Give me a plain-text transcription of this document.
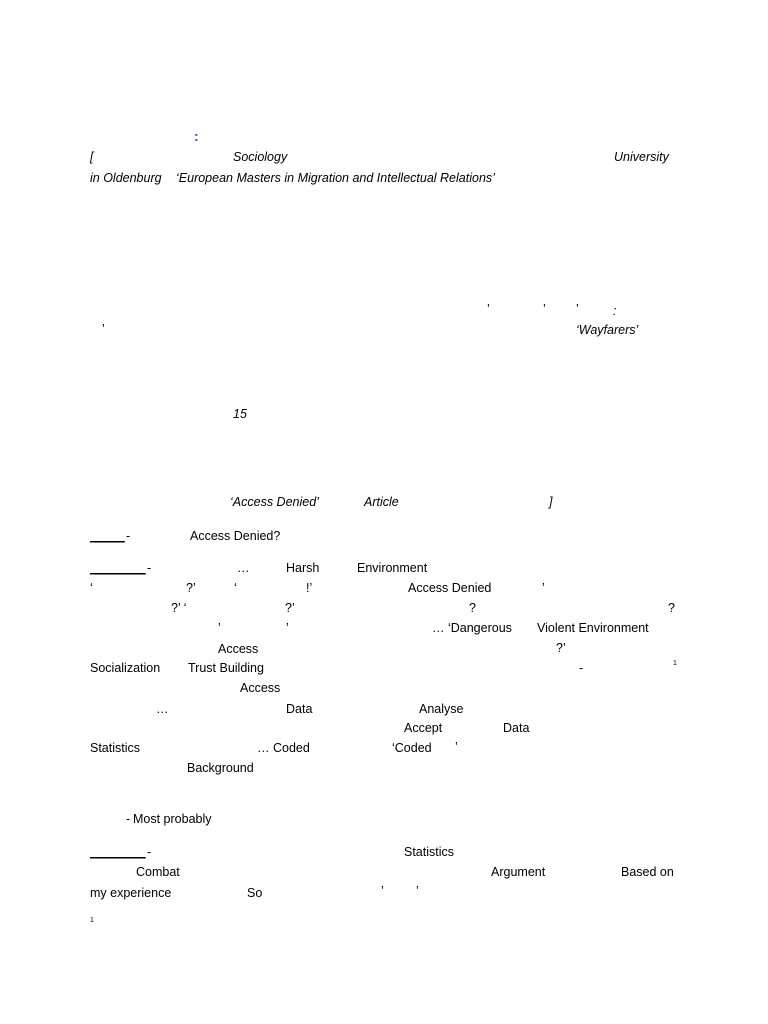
:
[	Sociology	University
in Oldenburg ‘European Masters in Migration and Intellectual Relations’
’	’ ’	:
’	‘Wayfarers’
15
‘Access Denied’	Article	]
_____ -	Access Denied?
________ -	…	Harsh	Environment
‘	?’	‘	!’	Access Denied	’
?’ ‘	?’	?	?
’	’	… ‘Dangerous Violent Environment
Access	?’
Socialization Trust Building	-	1
Access
…	Data	Analyse
Accept	Data
Statistics	… Coded	‘Coded ’
Background
- Most probably
________ -	Statistics
Combat	Argument	Based on
my experience	So	’	’
1
